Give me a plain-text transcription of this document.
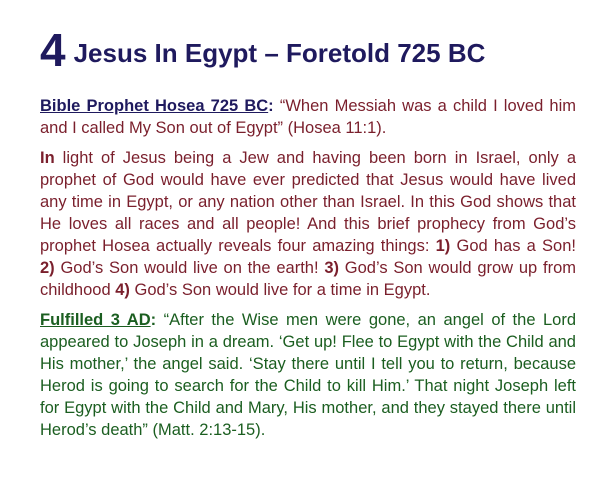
4 Jesus In Egypt – Foretold 725 BC

Bible Prophet Hosea 725 BC: “When Messiah was a child I loved him and I called My Son out of Egypt” (Hosea 11:1).

In light of Jesus being a Jew and having been born in Israel, only a prophet of God would have ever predicted that Jesus would have lived any time in Egypt, or any nation other than Israel. In this God shows that He loves all races and all people! And this brief prophecy from God’s prophet Hosea actually reveals four amazing things: 1) God has a Son! 2) God’s Son would live on the earth! 3) God’s Son would grow up from childhood 4) God’s Son would live for a time in Egypt.

Fulfilled 3 AD: “After the Wise men were gone, an angel of the Lord appeared to Joseph in a dream. ‘Get up! Flee to Egypt with the Child and His mother,’ the angel said. ‘Stay there until I tell you to return, because Herod is going to search for the Child to kill Him.’ That night Joseph left for Egypt with the Child and Mary, His mother, and they stayed there until Herod’s death” (Matt. 2:13-15).
